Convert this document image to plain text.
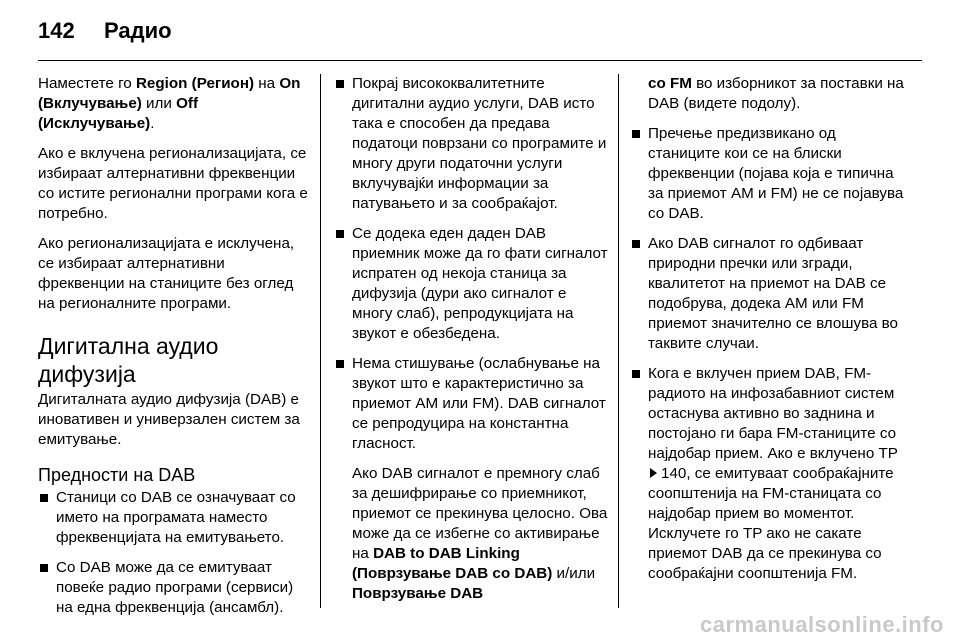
142	Радио

Наместете го Region (Регион) на On (Вклучување) или Off (Исклучување).

Ако е вклучена регионализацијата, се избираат алтернативни фреквенции со истите регионални програми кога е потребно.

Ако регионализацијата е исклучена, се избираат алтернативни фреквенции на станиците без оглед на регионалните програми.

Дигитална аудио дифузија

Дигиталната аудио дифузија (DAB) е иновативен и универзален систем за емитување.

Предности на DAB
Станици со DAB се означуваат со името на програмата наместо фреквенцијата на емитувањето.
Со DAB може да се емитуваат повеќе радио програми (сервиси) на една фреквенција (ансамбл).
Покрај висококвалитетните дигитални аудио услуги, DAB исто така е способен да предава податоци поврзани со програмите и многу други податочни услуги вклучувајќи информации за патувањето и за сообраќајот.
Се додека еден даден DAB приемник може да го фати сигналот испратен од некоја станица за дифузија (дури ако сигналот е многу слаб), репродукцијата на звукот е обезбедена.
Нема стишување (ослабнување на звукот што е карактеристично за приемот AM или FM). DAB сигналот се репродуцира на константна гласност.

Ако DAB сигналот е премногу слаб за дешифрирање со приемникот, приемот се прекинува целосно. Ова може да се избегне со активирање на DAB to DAB Linking (Поврзување DAB со DAB) и/или Поврзување DAB

со FM во изборникот за поставки на DAB (видете подолу).

Пречење предизвикано од станиците кои се на блиски фреквенции (појава која е типична за приемот AM и FM) не се појавува со DAB.
Ако DAB сигналот го одбиваат природни пречки или згради, квалитетот на приемот на DAB се подобрува, додека AM или FM приемот значително се влошува во таквите случаи.
Кога е вклучен прием DAB, FM-радиото на инфозабавниот систем остаснува активно во заднина и постојано ги бара FM-станиците со најдобар прием. Ако е вклучено TP 140, се емитуваат сообраќајните соопштенија на FM-станицата со најдобар прием во моментот. Исклучете го TP ако не сакате приемот DAB да се прекинува со сообраќајни соопштенија FM.
carmanualsonline.info
